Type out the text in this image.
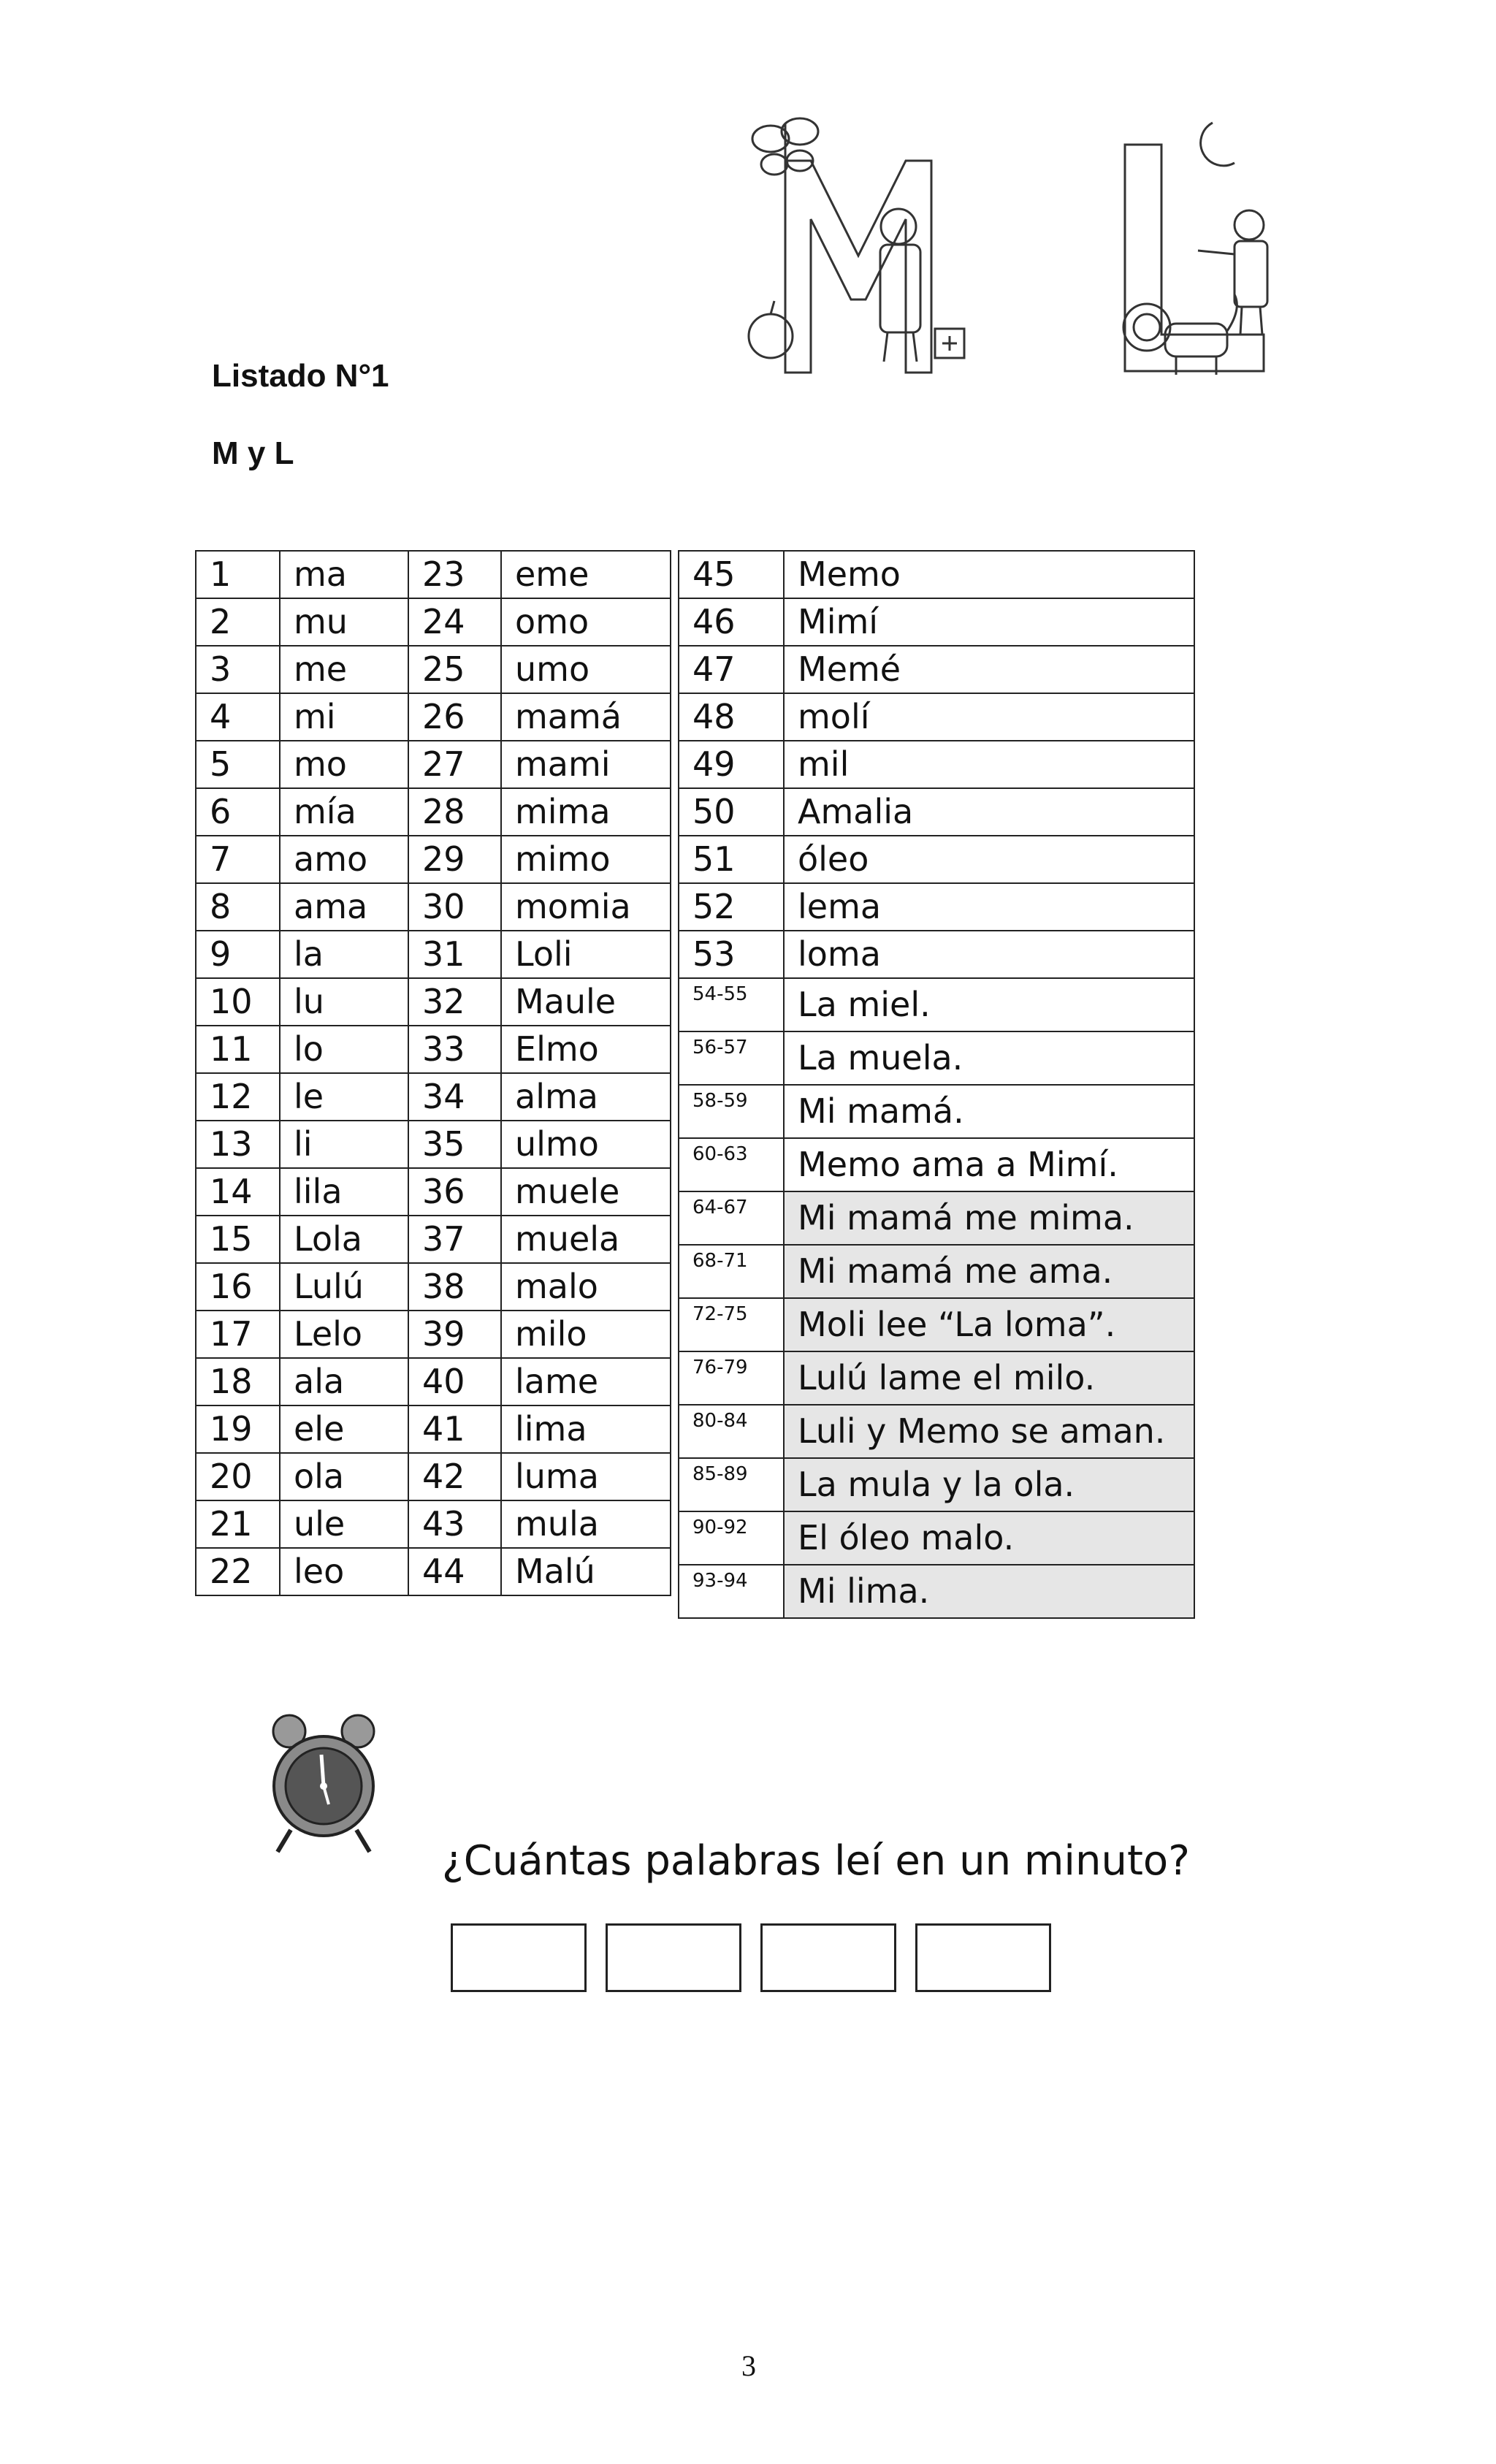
Listado N°1
M y L
1	ma	23	eme
2	mu	24	omo
3	me	25	umo
4	mi	26	mamá
5	mo	27	mami
6	mía	28	mima
7	amo	29	mimo
8	ama	30	momia
9	la	31	Loli
10	lu	32	Maule
11	lo	33	Elmo
12	le	34	alma
13	li	35	ulmo
14	lila	36	muele
15	Lola	37	muela
16	Lulú	38	malo
17	Lelo	39	milo
18	ala	40	lame
19	ele	41	lima
20	ola	42	luma
21	ule	43	mula
22	leo	44	Malú
45	Memo
46	Mimí
47	Memé
48	molí
49	mil
50	Amalia
51	óleo
52	lema
53	loma
54-55	La miel.
56-57	La muela.
58-59	Mi mamá.
60-63	Memo ama a Mimí.
64-67	Mi mamá me mima.
68-71	Mi mamá me ama.
72-75	Moli lee “La loma”.
76-79	Lulú lame el milo.
80-84	Luli y Memo se aman.
85-89	La mula y la ola.
90-92	El óleo malo.
93-94	Mi lima.
¿Cuántas palabras leí en un minuto?
3
